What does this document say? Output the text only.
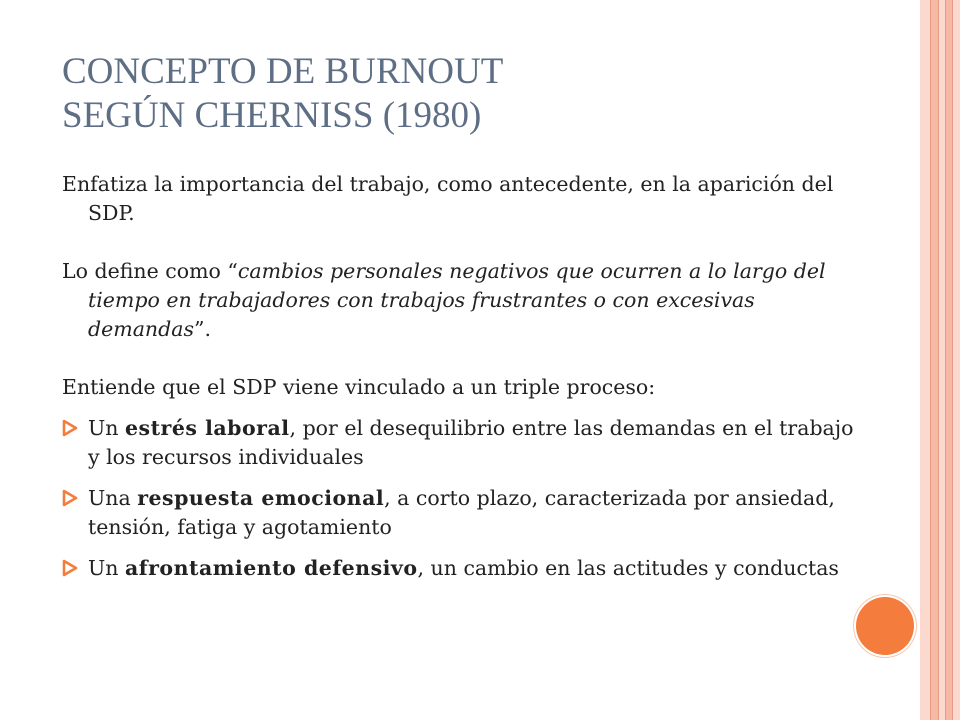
CONCEPTO DE BURNOUT
SEGÚN CHERNISS (1980)

Enfatiza la importancia del trabajo, como antecedente, en la aparición del SDP.

Lo define como “cambios personales negativos que ocurren a lo largo del tiempo en trabajadores con trabajos frustrantes o con excesivas demandas”.

Entiende que el SDP viene vinculado a un triple proceso:

Un estrés laboral, por el desequilibrio entre las demandas en el trabajo y los recursos individuales
Una respuesta emocional, a corto plazo, caracterizada por ansiedad, tensión, fatiga y agotamiento
Un afrontamiento defensivo, un cambio en las actitudes y conductas
